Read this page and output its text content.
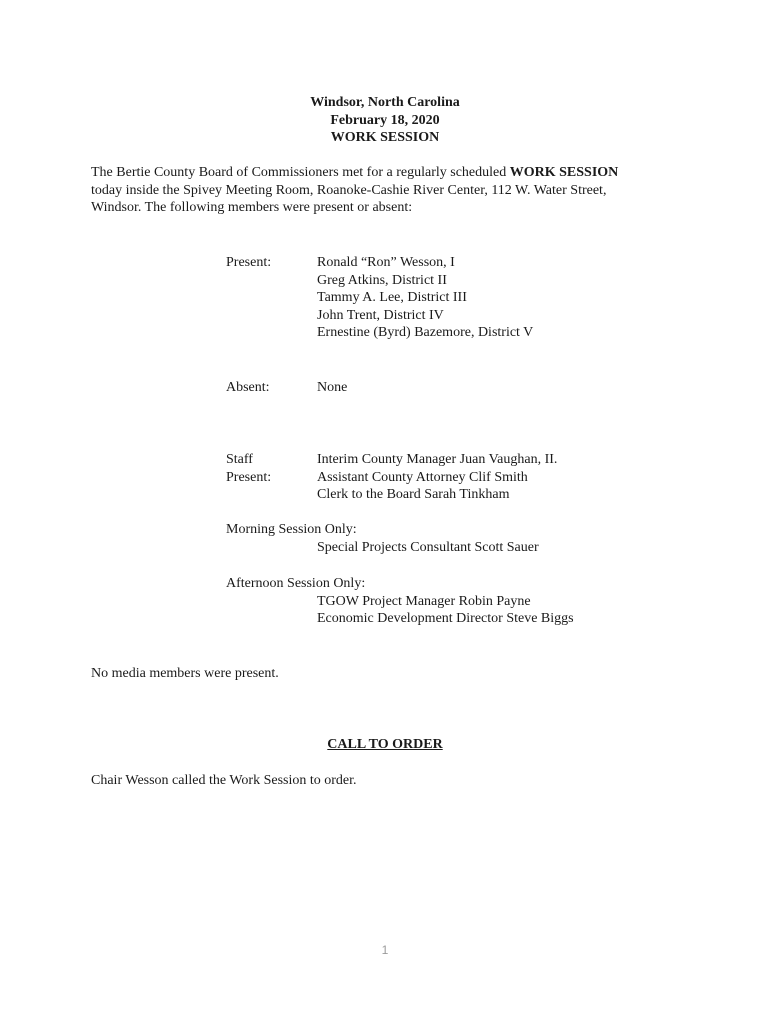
Windsor, North Carolina
February 18, 2020
WORK SESSION
The Bertie County Board of Commissioners met for a regularly scheduled WORK SESSION
today inside the Spivey Meeting Room, Roanoke-Cashie River Center, 112 W. Water Street,
Windsor. The following members were present or absent:
Present:	Ronald “Ron” Wesson, I
Greg Atkins, District II
Tammy A. Lee, District III
John Trent, District IV
Ernestine (Byrd) Bazemore, District V
Absent:	None
Staff Present:
Interim County Manager Juan Vaughan, II.
Assistant County Attorney Clif Smith
Clerk to the Board Sarah Tinkham
Morning Session Only:
Special Projects Consultant Scott Sauer
Afternoon Session Only:
TGOW Project Manager Robin Payne
Economic Development Director Steve Biggs
No media members were present.
CALL TO ORDER
Chair Wesson called the Work Session to order.
1
